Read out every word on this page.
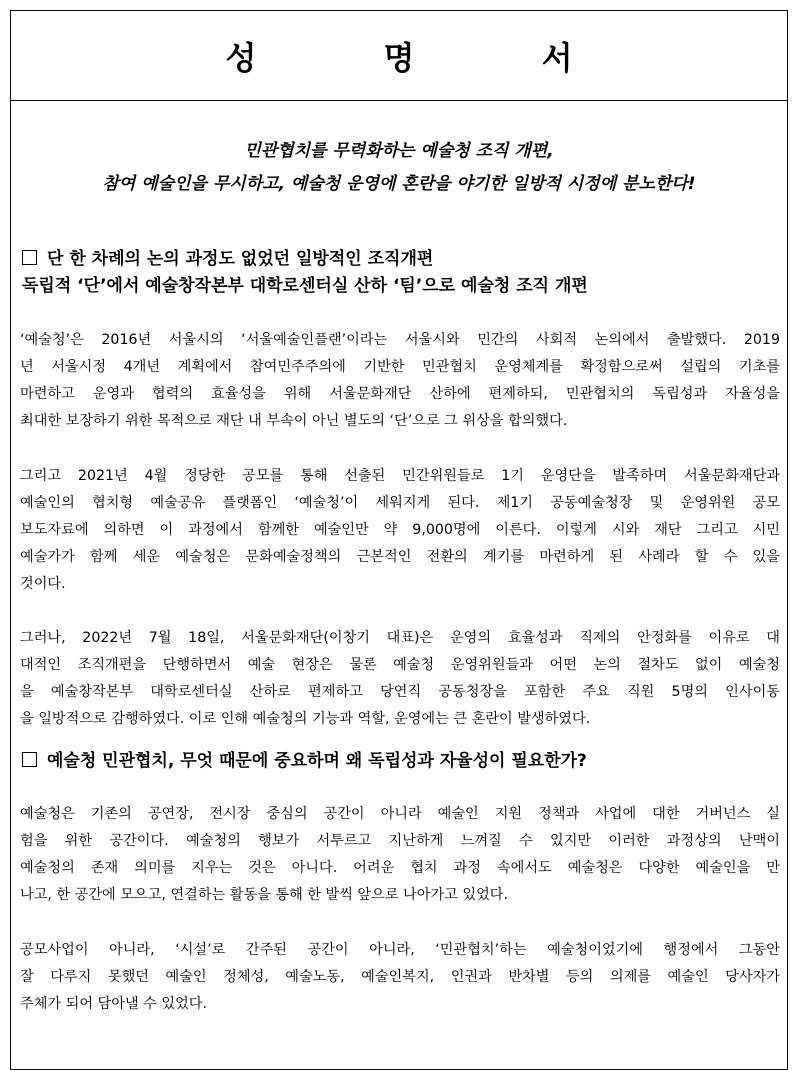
성 명 서
민관협치를 무력화하는 예술청 조직 개편,
참여 예술인을 무시하고, 예술청 운영에 혼란을 야기한 일방적 시정에 분노한다!
단 한 차례의 논의 과정도 없었던 일방적인 조직개편
독립적 ‘단’에서 예술창작본부 대학로센터실 산하 ‘팀’으로 예술청 조직 개편
‘예술청’은 2016년 서울시의 ‘서울예술인플랜’이라는 서울시와 민간의 사회적 논의에서 출발했다. 2019
년 서울시정 4개년 계획에서 참여민주주의에 기반한 민관협치 운영체계를 확정함으로써 설립의 기초를
마련하고 운영과 협력의 효율성을 위해 서울문화재단 산하에 편제하되, 민관협치의 독립성과 자율성을
최대한 보장하기 위한 목적으로 재단 내 부속이 아닌 별도의 ‘단’으로 그 위상을 합의했다.
그리고 2021년 4월 정당한 공모를 통해 선출된 민간위원들로 1기 운영단을 발족하며 서울문화재단과
예술인의 협치형 예술공유 플랫폼인 ‘예술청’이 세워지게 된다. 제1기 공동예술청장 및 운영위원 공모
보도자료에 의하면 이 과정에서 함께한 예술인만 약 9,000명에 이른다. 이렇게 시와 재단 그리고 시민
예술가가 함께 세운 예술청은 문화예술정책의 근본적인 전환의 계기를 마련하게 된 사례라 할 수 있을
것이다.
그러나, 2022년 7월 18일, 서울문화재단(이창기 대표)은 운영의 효율성과 직제의 안정화를 이유로 대
대적인 조직개편을 단행하면서 예술 현장은 물론 예술청 운영위원들과 어떤 논의 절차도 없이 예술청
을 예술창작본부 대학로센터실 산하로 편제하고 당연직 공동청장을 포함한 주요 직원 5명의 인사이동
을 일방적으로 감행하였다. 이로 인해 예술청의 기능과 역할, 운영에는 큰 혼란이 발생하였다.
예술청 민관협치, 무엇 때문에 중요하며 왜 독립성과 자율성이 필요한가?
예술청은 기존의 공연장, 전시장 중심의 공간이 아니라 예술인 지원 정책과 사업에 대한 거버넌스 실
험을 위한 공간이다. 예술청의 행보가 서투르고 지난하게 느껴질 수 있지만 이러한 과정상의 난맥이
예술청의 존재 의미를 지우는 것은 아니다. 어려운 협치 과정 속에서도 예술청은 다양한 예술인을 만
나고, 한 공간에 모으고, 연결하는 활동을 통해 한 발씩 앞으로 나아가고 있었다.
공모사업이 아니라, ‘시설’로 간주된 공간이 아니라, ‘민관협치’하는 예술청이었기에 행정에서 그동안
잘 다루지 못했던 예술인 정체성, 예술노동, 예술인복지, 인권과 반차별 등의 의제를 예술인 당사자가
주체가 되어 담아낼 수 있었다.
